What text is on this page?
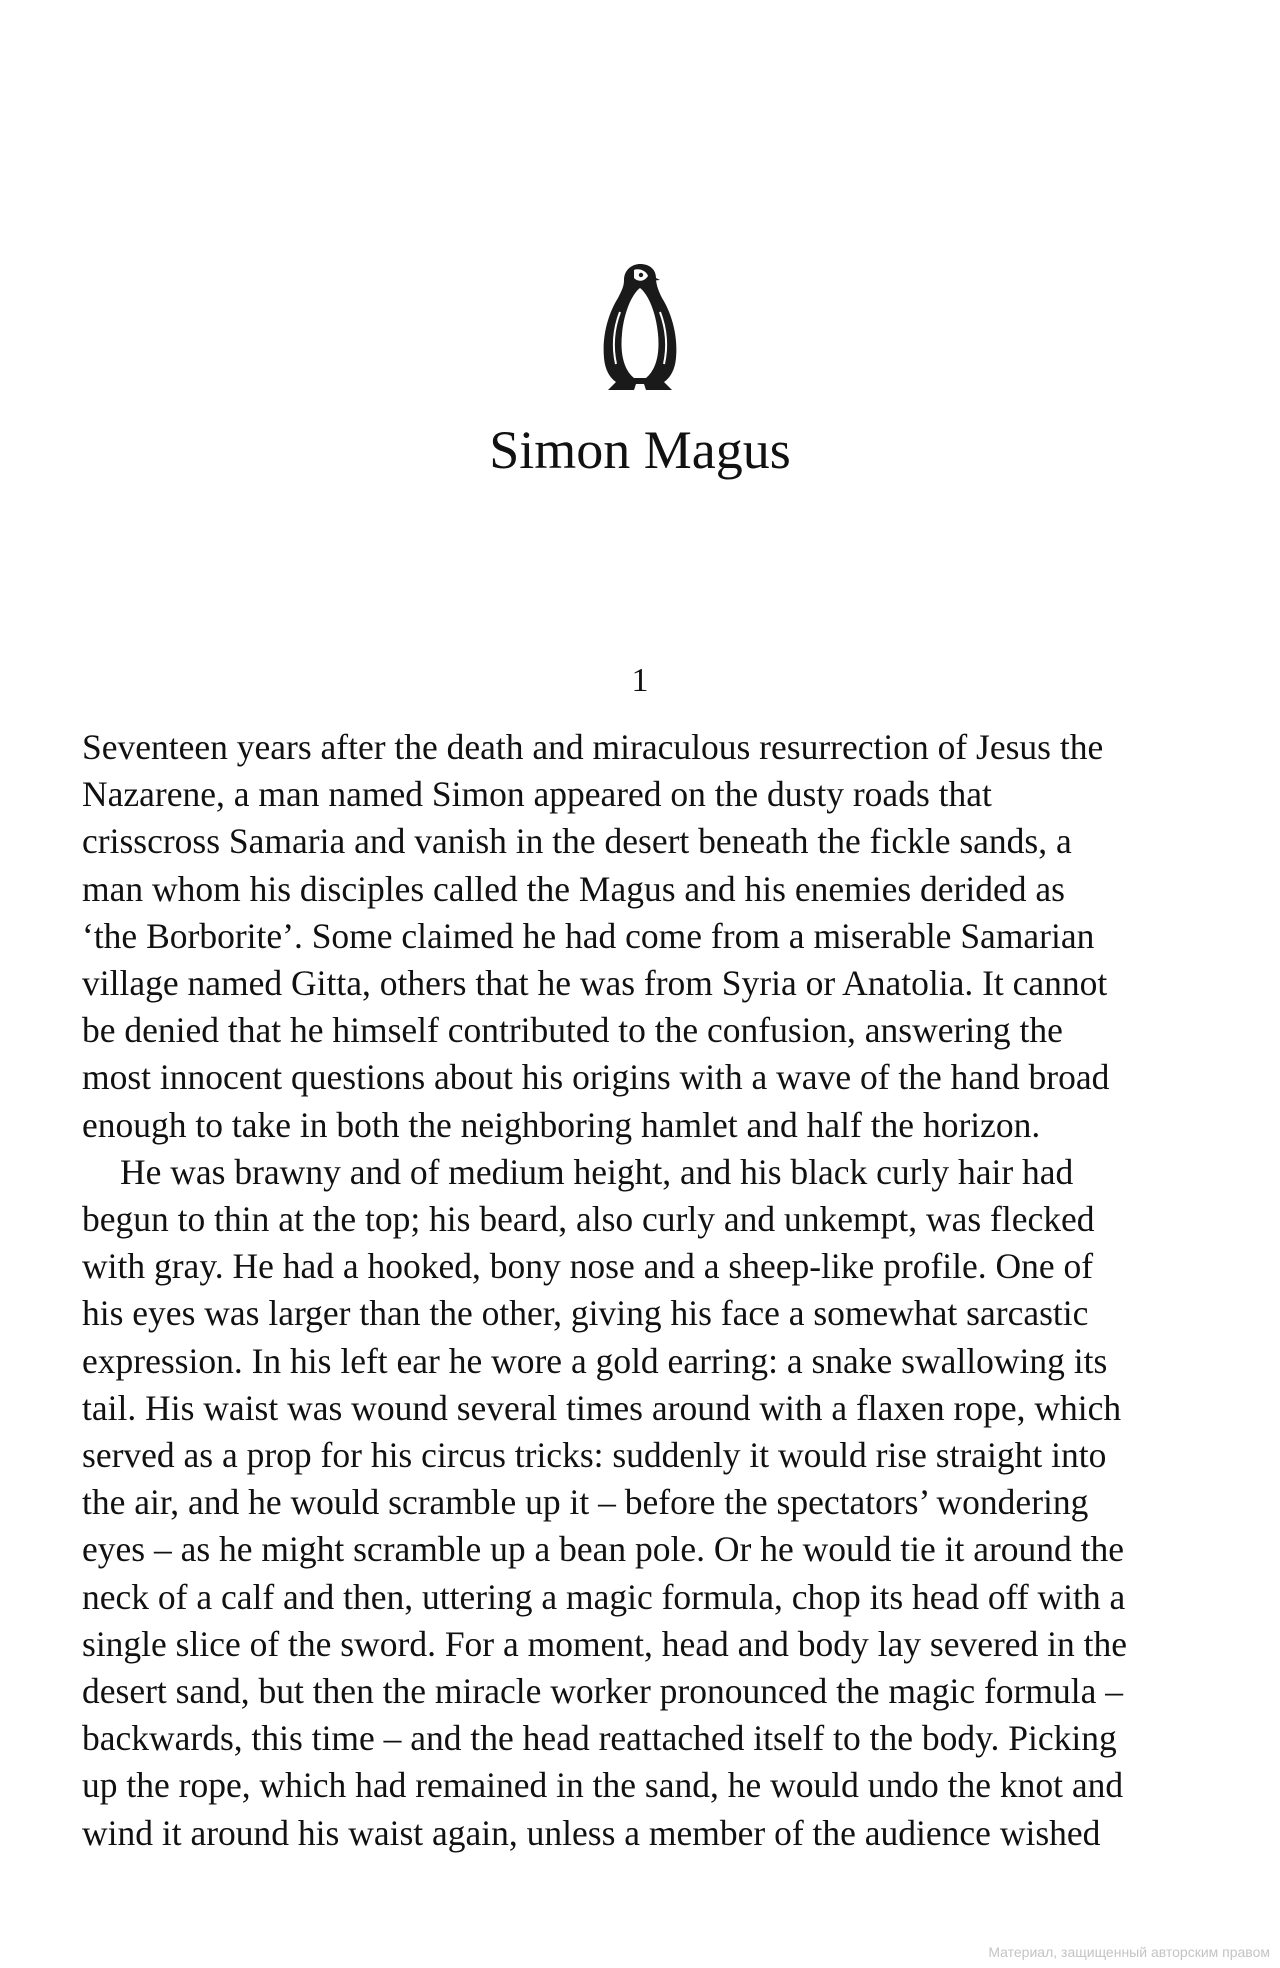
Simon Magus
1
Seventeen years after the death and miraculous resurrection of Jesus the
Nazarene, a man named Simon appeared on the dusty roads that
crisscross Samaria and vanish in the desert beneath the fickle sands, a
man whom his disciples called the Magus and his enemies derided as
‘the Borborite’. Some claimed he had come from a miserable Samarian
village named Gitta, others that he was from Syria or Anatolia. It cannot
be denied that he himself contributed to the confusion, answering the
most innocent questions about his origins with a wave of the hand broad
enough to take in both the neighboring hamlet and half the horizon.
He was brawny and of medium height, and his black curly hair had
begun to thin at the top; his beard, also curly and unkempt, was flecked
with gray. He had a hooked, bony nose and a sheep-like profile. One of
his eyes was larger than the other, giving his face a somewhat sarcastic
expression. In his left ear he wore a gold earring: a snake swallowing its
tail. His waist was wound several times around with a flaxen rope, which
served as a prop for his circus tricks: suddenly it would rise straight into
the air, and he would scramble up it – before the spectators’ wondering
eyes – as he might scramble up a bean pole. Or he would tie it around the
neck of a calf and then, uttering a magic formula, chop its head off with a
single slice of the sword. For a moment, head and body lay severed in the
desert sand, but then the miracle worker pronounced the magic formula –
backwards, this time – and the head reattached itself to the body. Picking
up the rope, which had remained in the sand, he would undo the knot and
wind it around his waist again, unless a member of the audience wished
Материал, защищенный авторским правом
